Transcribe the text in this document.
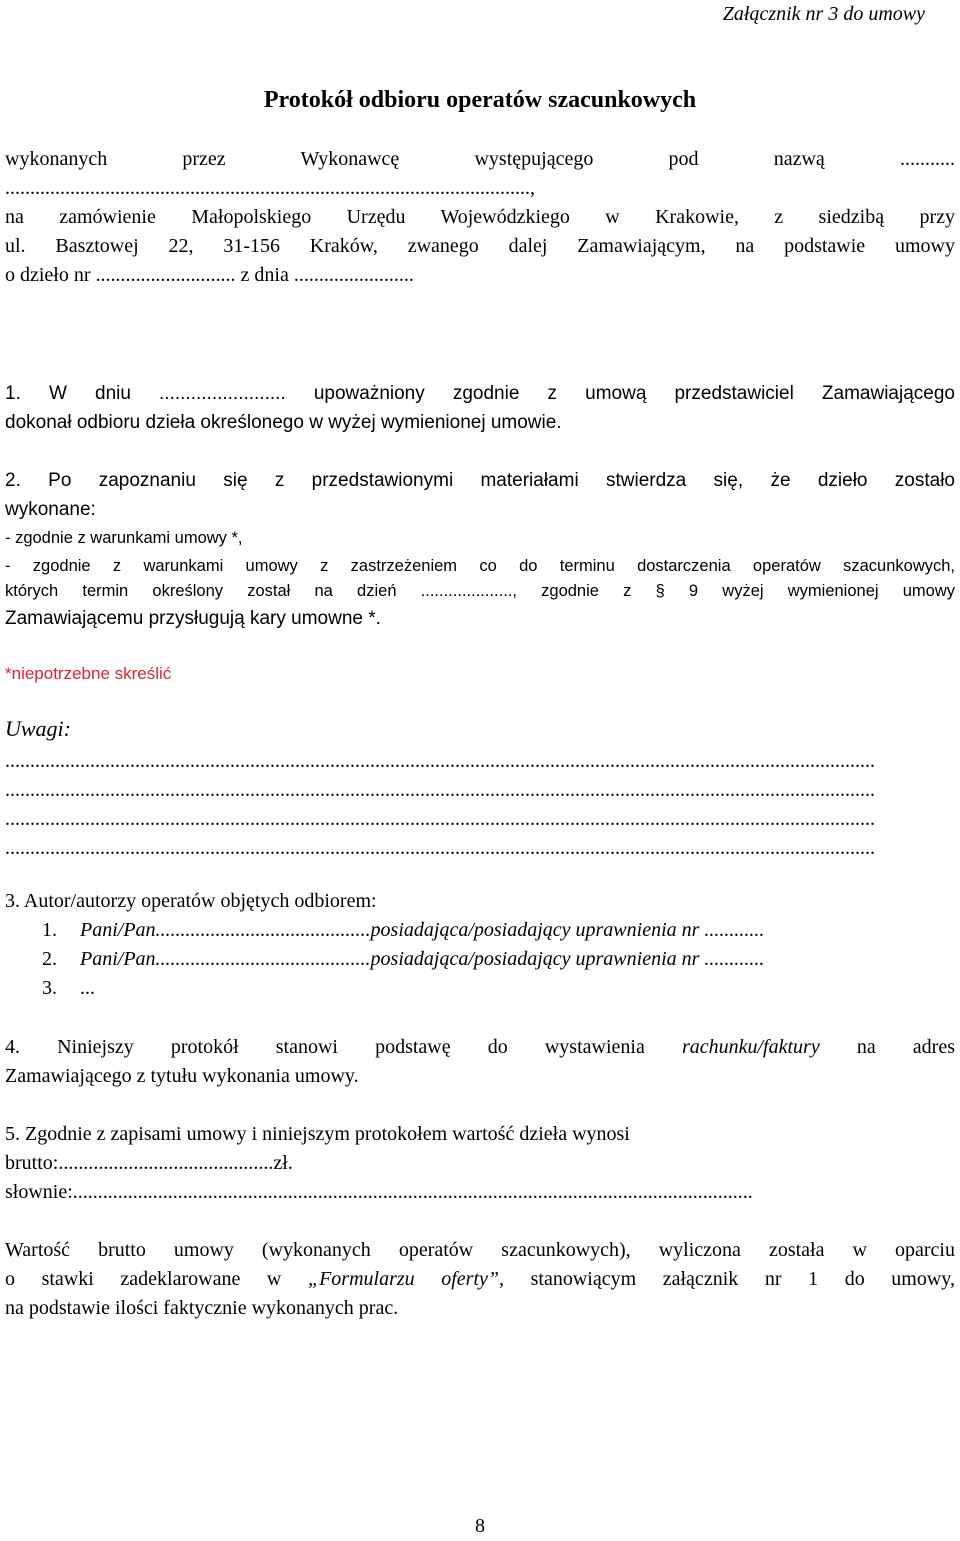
Załącznik nr 3 do umowy
Protokół odbioru operatów szacunkowych
wykonanych przez Wykonawcę występującego pod nazwą ...........
.........................................................................................................,
na zamówienie Małopolskiego Urzędu Wojewódzkiego w Krakowie, z siedzibą przy
ul. Basztowej 22, 31-156 Kraków, zwanego dalej Zamawiającym, na podstawie umowy
o dzieło nr ............................ z dnia ........................
1. W dniu ........................ upoważniony zgodnie z umową przedstawiciel Zamawiającego
dokonał odbioru dzieła określonego w wyżej wymienionej umowie.
2. Po zapoznaniu się z przedstawionymi materiałami stwierdza się, że dzieło zostało
wykonane:
- zgodnie z warunkami umowy *,
- zgodnie z warunkami umowy z zastrzeżeniem co do terminu dostarczenia operatów szacunkowych,
których termin określony został na dzień ...................., zgodnie z § 9 wyżej wymienionej umowy
Zamawiającemu przysługują kary umowne *.
*niepotrzebne skreślić
Uwagi:
..............................................................................................................................................................................
..............................................................................................................................................................................
..............................................................................................................................................................................
..............................................................................................................................................................................
3. Autor/autorzy operatów objętych odbiorem:
1. Pani/Pan...........................................posiadająca/posiadający uprawnienia nr ............
2. Pani/Pan...........................................posiadająca/posiadający uprawnienia nr ............
3. ...
4. Niniejszy protokół stanowi podstawę do wystawienia rachunku/faktury na adres
Zamawiającego z tytułu wykonania umowy.
5. Zgodnie z zapisami umowy i niniejszym protokołem wartość dzieła wynosi
brutto:...........................................zł.
słownie:........................................................................................................................................
Wartość brutto umowy (wykonanych operatów szacunkowych), wyliczona została w oparciu
o stawki zadeklarowane w „Formularzu oferty”, stanowiącym załącznik nr 1 do umowy,
na podstawie ilości faktycznie wykonanych prac.
8
